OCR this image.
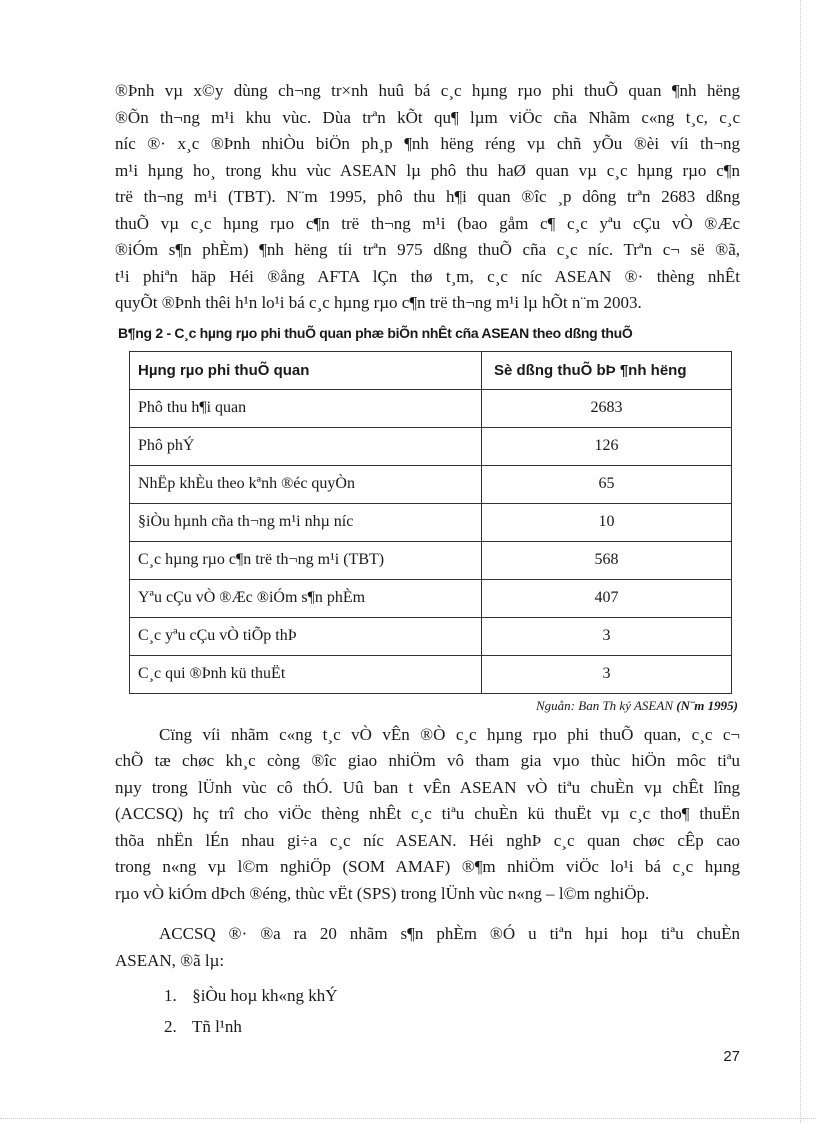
®Þnh vµ x©y dùng ch¬ng tr×nh huû bá c¸c hµng rµo phi thuÕ quan ¶nh hëng
®Õn th¬ng m¹i khu vùc. Dùa trªn kÕt qu¶ lµm viÖc cña Nhãm c«ng t¸c, c¸c
níc ®· x¸c ®Þnh nhiÒu biÖn ph¸p ¶nh hëng réng vµ chñ yÕu ®èi víi th¬ng
m¹i hµng ho¸ trong khu vùc ASEAN lµ phô thu haØ quan vµ c¸c hµng rµo c¶n
trë th¬ng m¹i (TBT). N¨m 1995, phô thu h¶i quan ®îc ¸p dông trªn 2683 dßng
thuÕ vµ c¸c hµng rµo c¶n trë th¬ng m¹i (bao gåm c¶ c¸c yªu cÇu vÒ ®Æc
®iÓm s¶n phÈm) ¶nh hëng tíi trªn 975 dßng thuÕ cña c¸c níc. Trªn c¬ së ®ã,
t¹i phiªn häp Héi ®ång AFTA lÇn thø t¸m, c¸c níc ASEAN ®· thèng nhÊt
quyÕt ®Þnh thêi h¹n lo¹i bá c¸c hµng rµo c¶n trë th¬ng m¹i lµ hÕt n¨m 2003.

B¶ng 2 - C¸c hµng rµo phi thuÕ quan phæ biÕn nhÊt cña ASEAN theo dßng thuÕ
Hµng rµo phi thuÕ quan	Sè dßng thuÕ bÞ ¶nh hëng
Phô thu h¶i quan	2683
Phô phÝ	126
NhËp khÈu theo kªnh ®éc quyÒn	65
§iÒu hµnh cña th¬ng m¹i nhµ níc	10
C¸c hµng rµo c¶n trë th¬ng m¹i (TBT)	568
Yªu cÇu vÒ ®Æc ®iÓm s¶n phÈm	407
C¸c yªu cÇu vÒ tiÕp thÞ	3
C¸c qui ®Þnh kü thuËt	3
Nguån: Ban Th ký ASEAN (N¨m 1995)

Cïng víi nhãm c«ng t¸c vÒ vÊn ®Ò c¸c hµng rµo phi thuÕ quan, c¸c c¬
chÕ tæ chøc kh¸c còng ®îc giao nhiÖm vô tham gia vµo thùc hiÖn môc tiªu
nµy trong lÜnh vùc cô thÓ. Uû ban t vÊn ASEAN vÒ tiªu chuÈn vµ chÊt lîng
(ACCSQ) hç trî cho viÖc thèng nhÊt c¸c tiªu chuÈn kü thuËt vµ c¸c tho¶ thuËn
thõa nhËn lÉn nhau gi÷a c¸c níc ASEAN. Héi nghÞ c¸c quan chøc cÊp cao
trong n«ng vµ l©m nghiÖp (SOM AMAF) ®¶m nhiÖm viÖc lo¹i bá c¸c hµng
rµo vÒ kiÓm dÞch ®éng, thùc vËt (SPS) trong lÜnh vùc n«ng – l©m nghiÖp.

ACCSQ ®· ®a ra 20 nhãm s¶n phÈm ®Ó u tiªn hµi hoµ tiªu chuÈn
ASEAN, ®ã lµ:

1. §iÒu hoµ kh«ng khÝ
2. Tñ l¹nh
27
